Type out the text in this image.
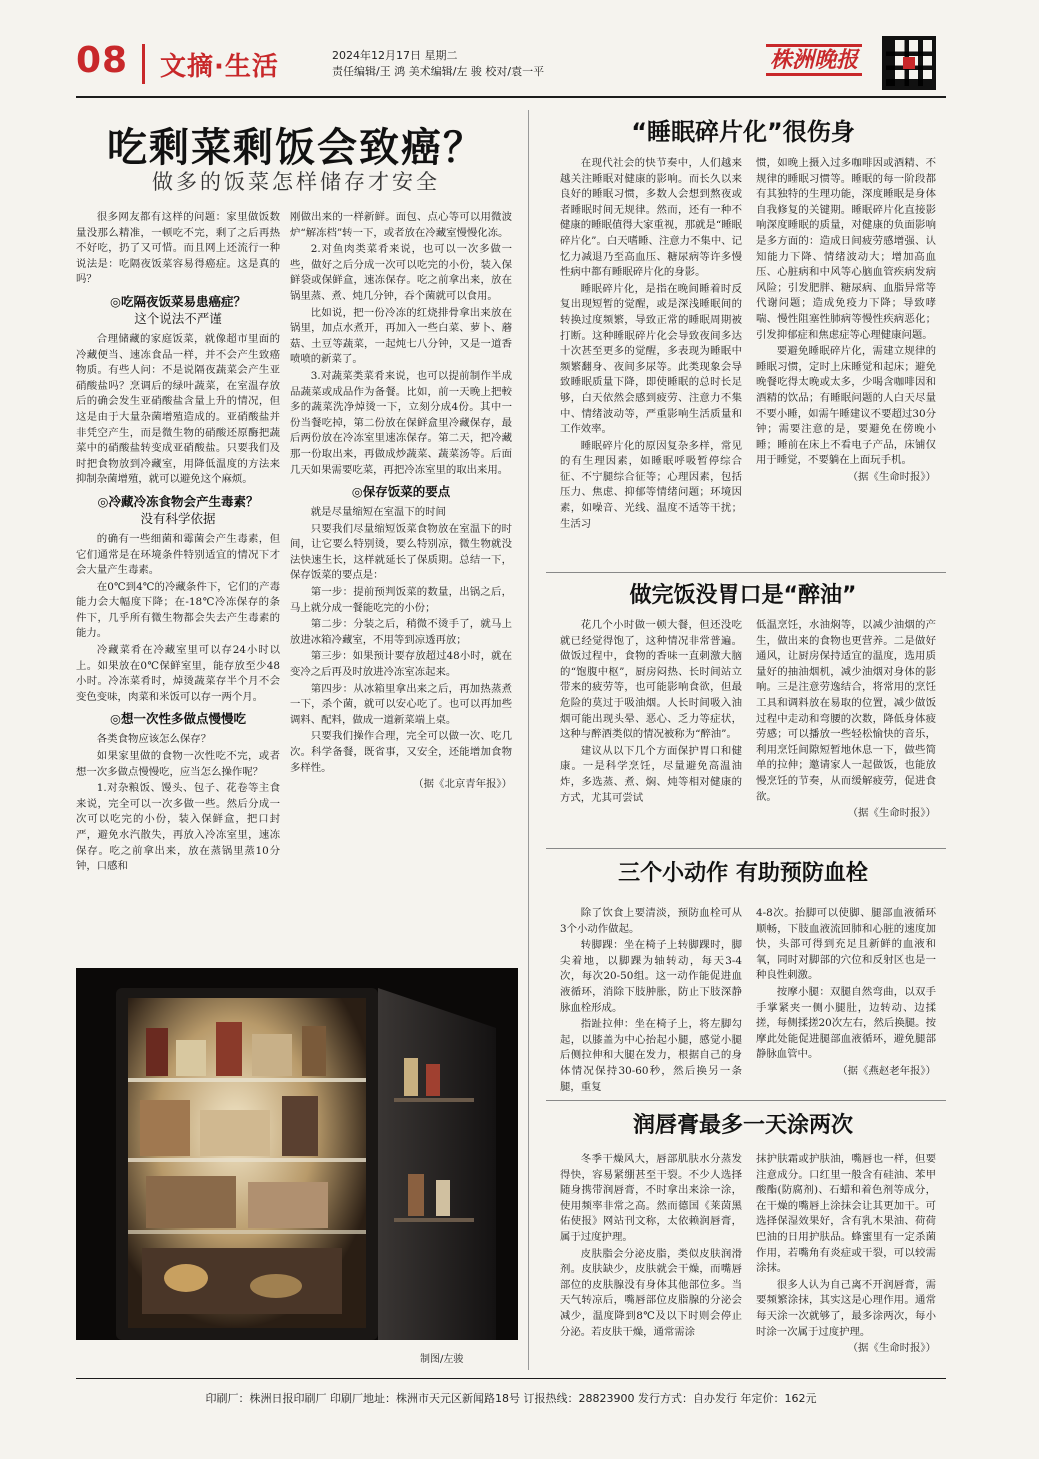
08 文摘·生活	2024年12月17日 星期二
责任编辑/王 鸿 美术编辑/左 骏 校对/袁一平	株洲晚报
吃剩菜剩饭会致癌？
做多的饭菜怎样储存才安全

很多网友都有这样的问题：家里做饭数量没那么精准，一顿吃不完，剩了之后再热不好吃，扔了又可惜。而且网上还流行一种说法是：吃隔夜饭菜容易得癌症。这是真的吗？

◎吃隔夜饭菜易患癌症？
这个说法不严谨

合理储藏的家庭饭菜，就像超市里面的冷藏便当、速冻食品一样，并不会产生致癌物质。有些人问：不是说隔夜蔬菜会产生亚硝酸盐吗？烹调后的绿叶蔬菜，在室温存放后的确会发生亚硝酸盐含量上升的情况，但这是由于大量杂菌增殖造成的。亚硝酸盐并非凭空产生，而是微生物的硝酸还原酶把蔬菜中的硝酸盐转变成亚硝酸盐。只要我们及时把食物放到冷藏室，用降低温度的方法来抑制杂菌增殖，就可以避免这个麻烦。

◎冷藏冷冻食物会产生毒素？
没有科学依据

的确有一些细菌和霉菌会产生毒素，但它们通常是在环境条件特别适宜的情况下才会大量产生毒素。

在0℃到4℃的冷藏条件下，它们的产毒能力会大幅度下降；在-18℃冷冻保存的条件下，几乎所有微生物都会失去产生毒素的能力。

冷藏菜肴在冷藏室里可以存24小时以上。如果放在0℃保鲜室里，能存放至少48小时。冷冻菜肴时，焯烫蔬菜存半个月不会变色变味，肉菜和米饭可以存一两个月。

◎想一次性多做点慢慢吃

各类食物应该怎么保存？

如果家里做的食物一次性吃不完，或者想一次多做点慢慢吃，应当怎么操作呢？

1.对杂粮饭、馒头、包子、花卷等主食来说，完全可以一次多做一些。然后分成一次可以吃完的小份，装入保鲜盒，把口封严，避免水汽散失，再放入冷冻室里，速冻保存。吃之前拿出来，放在蒸锅里蒸10分钟，口感和

刚做出来的一样新鲜。面包、点心等可以用微波炉“解冻档”转一下，或者放在冷藏室慢慢化冻。

2.对鱼肉类菜肴来说，也可以一次多做一些，做好之后分成一次可以吃完的小份，装入保鲜袋或保鲜盒，速冻保存。吃之前拿出来，放在锅里蒸、煮、炖几分钟，吞个菌就可以食用。

比如说，把一份冷冻的红烧排骨拿出来放在锅里，加点水煮开，再加入一些白菜、萝卜、蘑菇、土豆等蔬菜，一起炖七八分钟，又是一道香喷喷的新菜了。

3.对蔬菜类菜肴来说，也可以提前制作半成品蔬菜或成品作为备餐。比如，前一天晚上把較多的蔬菜洗净焯烫一下，立刻分成4份。其中一份当餐吃掉，第二份放在保鲜盒里冷藏保存，最后两份放在冷冻室里速冻保存。第二天，把冷藏那一份取出来，再做成炒蔬菜、蔬菜汤等。后面几天如果需要吃菜，再把冷冻室里的取出来用。

◎保存饭菜的要点

就是尽量缩短在室温下的时间

只要我们尽量缩短饭菜食物放在室温下的时间，让它要么特别烫，要么特别凉，微生物就没法快速生长，这样就延长了保质期。总结一下，保存饭菜的要点是：

第一步：提前预判饭菜的数量，出锅之后，马上就分成一餐能吃完的小份；

第二步：分装之后，稍微不烫手了，就马上放进冰箱冷藏室，不用等到凉透再放；

第三步：如果预计要存放超过48小时，就在变冷之后再及时放进冷冻室冻起来。

第四步：从冰箱里拿出来之后，再加热蒸煮一下，杀个菌，就可以安心吃了。也可以再加些调料、配料，做成一道新菜端上桌。

只要我们操作合理，完全可以做一次、吃几次。科学备餐，既省事，又安全，还能增加食物多样性。

（据《北京青年报》）

制图/左骏
“睡眠碎片化”很伤身

在现代社会的快节奏中，人们越来越关注睡眠对健康的影响。而长久以来良好的睡眠习惯，多数人会想到熬夜或者睡眠时间无规律。然而，还有一种不健康的睡眠值得大家重视，那就是“睡眠碎片化”。白天嗜睡、注意力不集中、记忆力减退乃至高血压、糖尿病等许多慢性病中都有睡眠碎片化的身影。

睡眠碎片化，是指在晚间睡着时反复出现短暂的觉醒，或是深浅睡眠间的转换过度频繁，导致正常的睡眠周期被打断。这种睡眠碎片化会导致夜间多达十次甚至更多的觉醒，多表现为睡眠中频繁翻身、夜间多尿等。此类现象会导致睡眠质量下降，即使睡眠的总时长足够，白天依然会感到疲劳、注意力不集中、情绪波动等，严重影响生活质量和工作效率。

睡眠碎片化的原因复杂多样，常见的有生理因素，如睡眠呼吸暂停综合征、不宁腿综合征等；心理因素，包括压力、焦虑、抑郁等情绪问题；环境因素，如噪音、光线、温度不适等干扰；生活习

惯，如晚上摄入过多咖啡因或酒精、不规律的睡眠习惯等。睡眠的每一阶段都有其独特的生理功能，深度睡眠是身体自我修复的关键期。睡眠碎片化直接影响深度睡眠的质量，对健康的负面影响是多方面的：造成日间疲劳感增强、认知能力下降、情绪波动大；增加高血压、心脏病和中风等心脑血管疾病发病风险；引发肥胖、糖尿病、血脂异常等代谢问题；造成免疫力下降；导致哮喘、慢性阻塞性肺病等慢性疾病恶化；引发抑郁症和焦虑症等心理健康问题。

要避免睡眠碎片化，需建立规律的睡眠习惯，定时上床睡觉和起床；避免晚餐吃得太晚或太多，少喝含咖啡因和酒精的饮品；有睡眠问题的人白天尽量不要小睡，如需午睡建议不要超过30分钟；需要注意的是，要避免在傍晚小睡；睡前在床上不看电子产品，床铺仅用于睡觉，不要躺在上面玩手机。

（据《生命时报》）

做完饭没胃口是“醉油”

花几个小时做一顿大餐，但还没吃就已经觉得饱了，这种情况非常普遍。做饭过程中，食物的香味一直刺激大脑的“饱腹中枢”，厨房闷热、长时间站立带来的疲劳等，也可能影响食欲，但最危险的莫过于吸油烟。人长时间吸入油烟可能出现头晕、恶心、乏力等症状，这种与醉酒类似的情况被称为“醉油”。

建议从以下几个方面保护胃口和健康。一是科学烹饪，尽量避免高温油炸，多选蒸、煮、焖、炖等相对健康的方式，尤其可尝试

低温烹饪，水油焖等，以减少油烟的产生，做出来的食物也更营养。二是做好通风，让厨房保持适宜的温度，选用质量好的抽油烟机，减少油烟对身体的影响。三是注意劳逸结合，将常用的烹饪工具和调料放在易取的位置，减少做饭过程中走动和弯腰的次数，降低身体疲劳感；可以播放一些轻松愉快的音乐，利用烹饪间隙短暂地休息一下，做些简单的拉伸；邀请家人一起做饭，也能放慢烹饪的节奏，从而缓解疲劳，促进食欲。

（据《生命时报》）

三个小动作 有助预防血栓

除了饮食上要清淡，预防血栓可从3个小动作做起。

转脚踝：坐在椅子上转脚踝时，脚尖着地，以脚踝为轴转动，每天3-4次，每次20-50组。这一动作能促进血液循环，消除下肢肿胀，防止下肢深静脉血栓形成。

指趾拉伸：坐在椅子上，将左脚勾起，以膝盖为中心抬起小腿，感觉小腿后侧拉伸和大腿在发力，根据自己的身体情况保持30-60秒，然后换另一条腿，重复

4-8次。抬脚可以使脚、腿部血液循环顺畅，下肢血液流回肺和心脏的速度加快，头部可得到充足且新鲜的血液和氧，同时对脚部的穴位和反射区也是一种良性刺激。

按摩小腿：双腿自然弯曲，以双手手掌紧夹一侧小腿肚，边转动、边揉搓，每侧揉搓20次左右，然后换腿。按摩此处能促进腿部血液循环，避免腿部静脉血管中。

（据《燕赵老年报》）

润唇膏最多一天涂两次

冬季干燥风大，唇部肌肤水分蒸发得快，容易紧绷甚至干裂。不少人选择随身携带润唇膏，不时拿出来涂一涂，使用频率非常之高。然而德国《莱茵黑佑使报》网站刊文称，太依赖润唇膏，属于过度护理。

皮肤脂会分泌皮脂，类似皮肤润滑剂。皮肤缺少，皮肤就会干燥，而嘴唇部位的皮肤腺没有身体其他部位多。当天气转凉后，嘴唇部位皮脂腺的分泌会减少，温度降到8℃及以下时则会停止分泌。若皮肤干燥，通常需涂

抹护肤霜或护肤油，嘴唇也一样，但要注意成分。口红里一般含有硅油、苯甲酸酯(防腐剂)、石蜡和着色剂等成分，在干燥的嘴唇上涂抹会让其更加干。可选择保湿效果好，含有乳木果油、荷荷巴油的日用护肤品。蜂蜜里有一定杀菌作用，若嘴角有炎症或干裂，可以较需涂抹。

很多人认为自己离不开润唇膏，需要频繁涂抹，其实这是心理作用。通常每天涂一次就够了，最多涂两次，每小时涂一次属于过度护理。

（据《生命时报》）

印刷厂：株洲日报印刷厂 印刷厂地址：株洲市天元区新闻路18号 订报热线：28823900 发行方式：自办发行 年定价：162元
